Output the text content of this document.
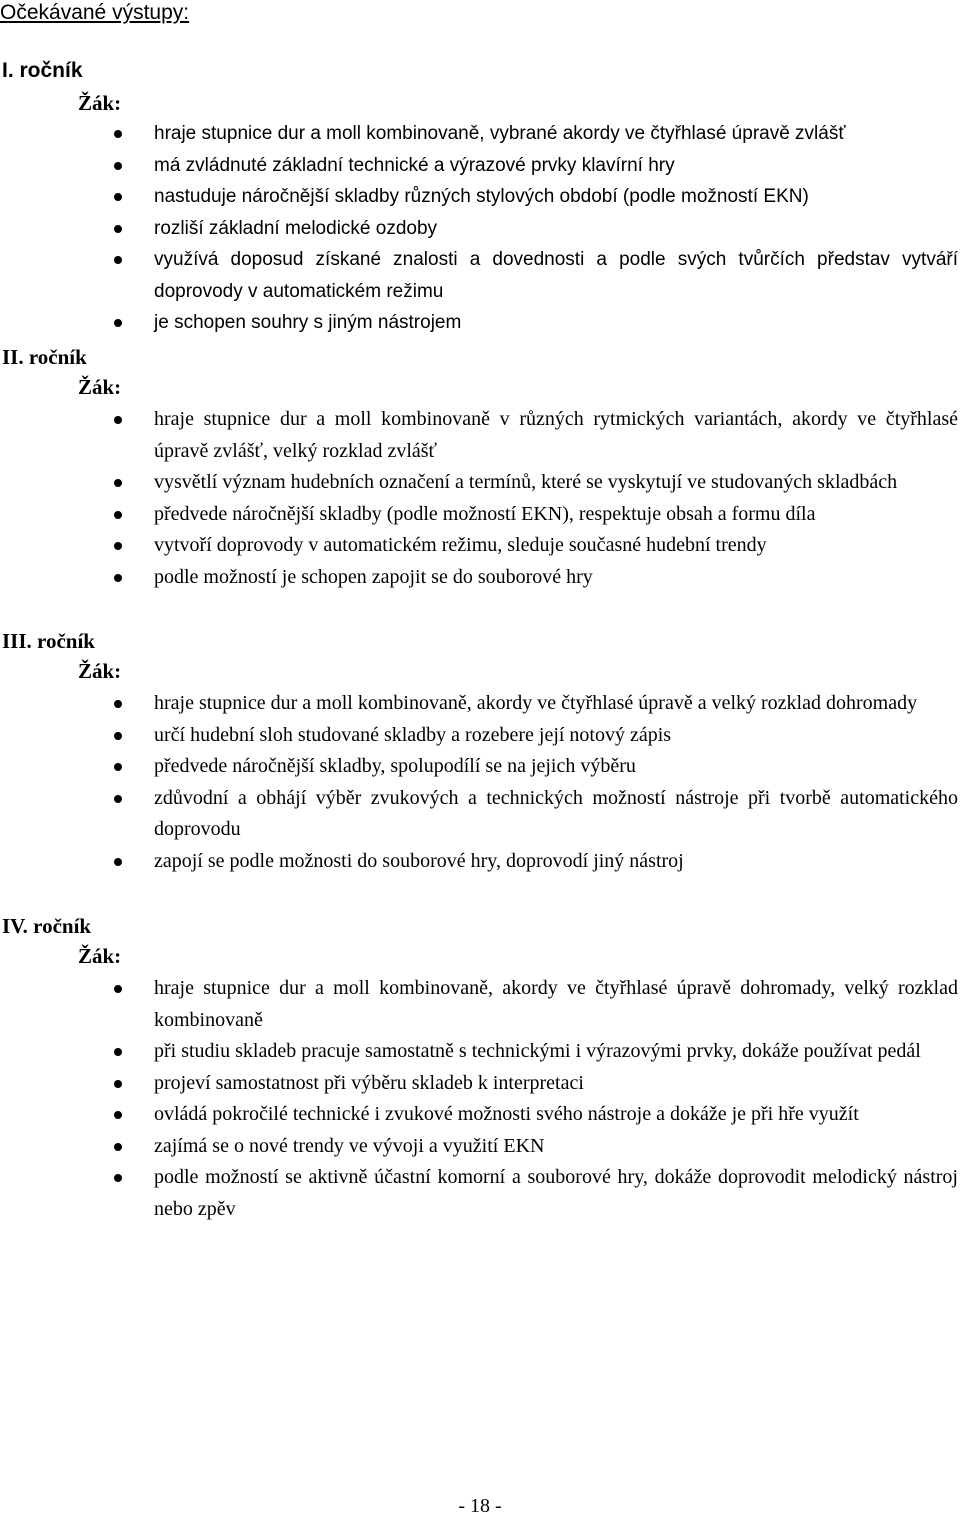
Očekávané výstupy:
I. ročník
Žák:
hraje stupnice dur a moll kombinovaně, vybrané akordy ve čtyřhlasé úpravě zvlášť
má zvládnuté základní technické a výrazové prvky klavírní hry
nastuduje náročnější skladby různých stylových období (podle možností EKN)
rozliší základní melodické ozdoby
využívá doposud získané znalosti a dovednosti a podle svých tvůrčích představ vytváří doprovody v automatickém režimu
je schopen souhry s jiným nástrojem
II. ročník
Žák:
hraje stupnice dur a moll kombinovaně v různých rytmických variantách, akordy ve čtyřhlasé úpravě zvlášť, velký rozklad zvlášť
vysvětlí význam hudebních označení a termínů, které se vyskytují ve studovaných skladbách
předvede náročnější skladby (podle možností EKN), respektuje obsah a formu díla
vytvoří doprovody v automatickém režimu, sleduje současné hudební trendy
podle možností je schopen zapojit se do souborové hry
III. ročník
Žák:
hraje stupnice dur a moll kombinovaně, akordy ve čtyřhlasé úpravě a velký rozklad dohromady
určí hudební sloh studované skladby a rozebere její notový zápis
předvede náročnější skladby, spolupodílí se na jejich výběru
zdůvodní a obhájí výběr zvukových a technických možností nástroje při tvorbě automatického doprovodu
zapojí se podle možnosti do souborové hry, doprovodí jiný nástroj
IV. ročník
Žák:
hraje stupnice dur a moll kombinovaně, akordy ve čtyřhlasé úpravě dohromady, velký rozklad kombinovaně
při studiu skladeb pracuje samostatně s technickými i výrazovými prvky, dokáže používat pedál
projeví samostatnost při výběru skladeb k interpretaci
ovládá pokročilé technické i zvukové možnosti svého nástroje a dokáže je při hře využít
zajímá se o nové trendy ve vývoji a využití EKN
podle možností se aktivně účastní komorní a souborové hry, dokáže doprovodit melodický nástroj nebo zpěv
- 18 -
